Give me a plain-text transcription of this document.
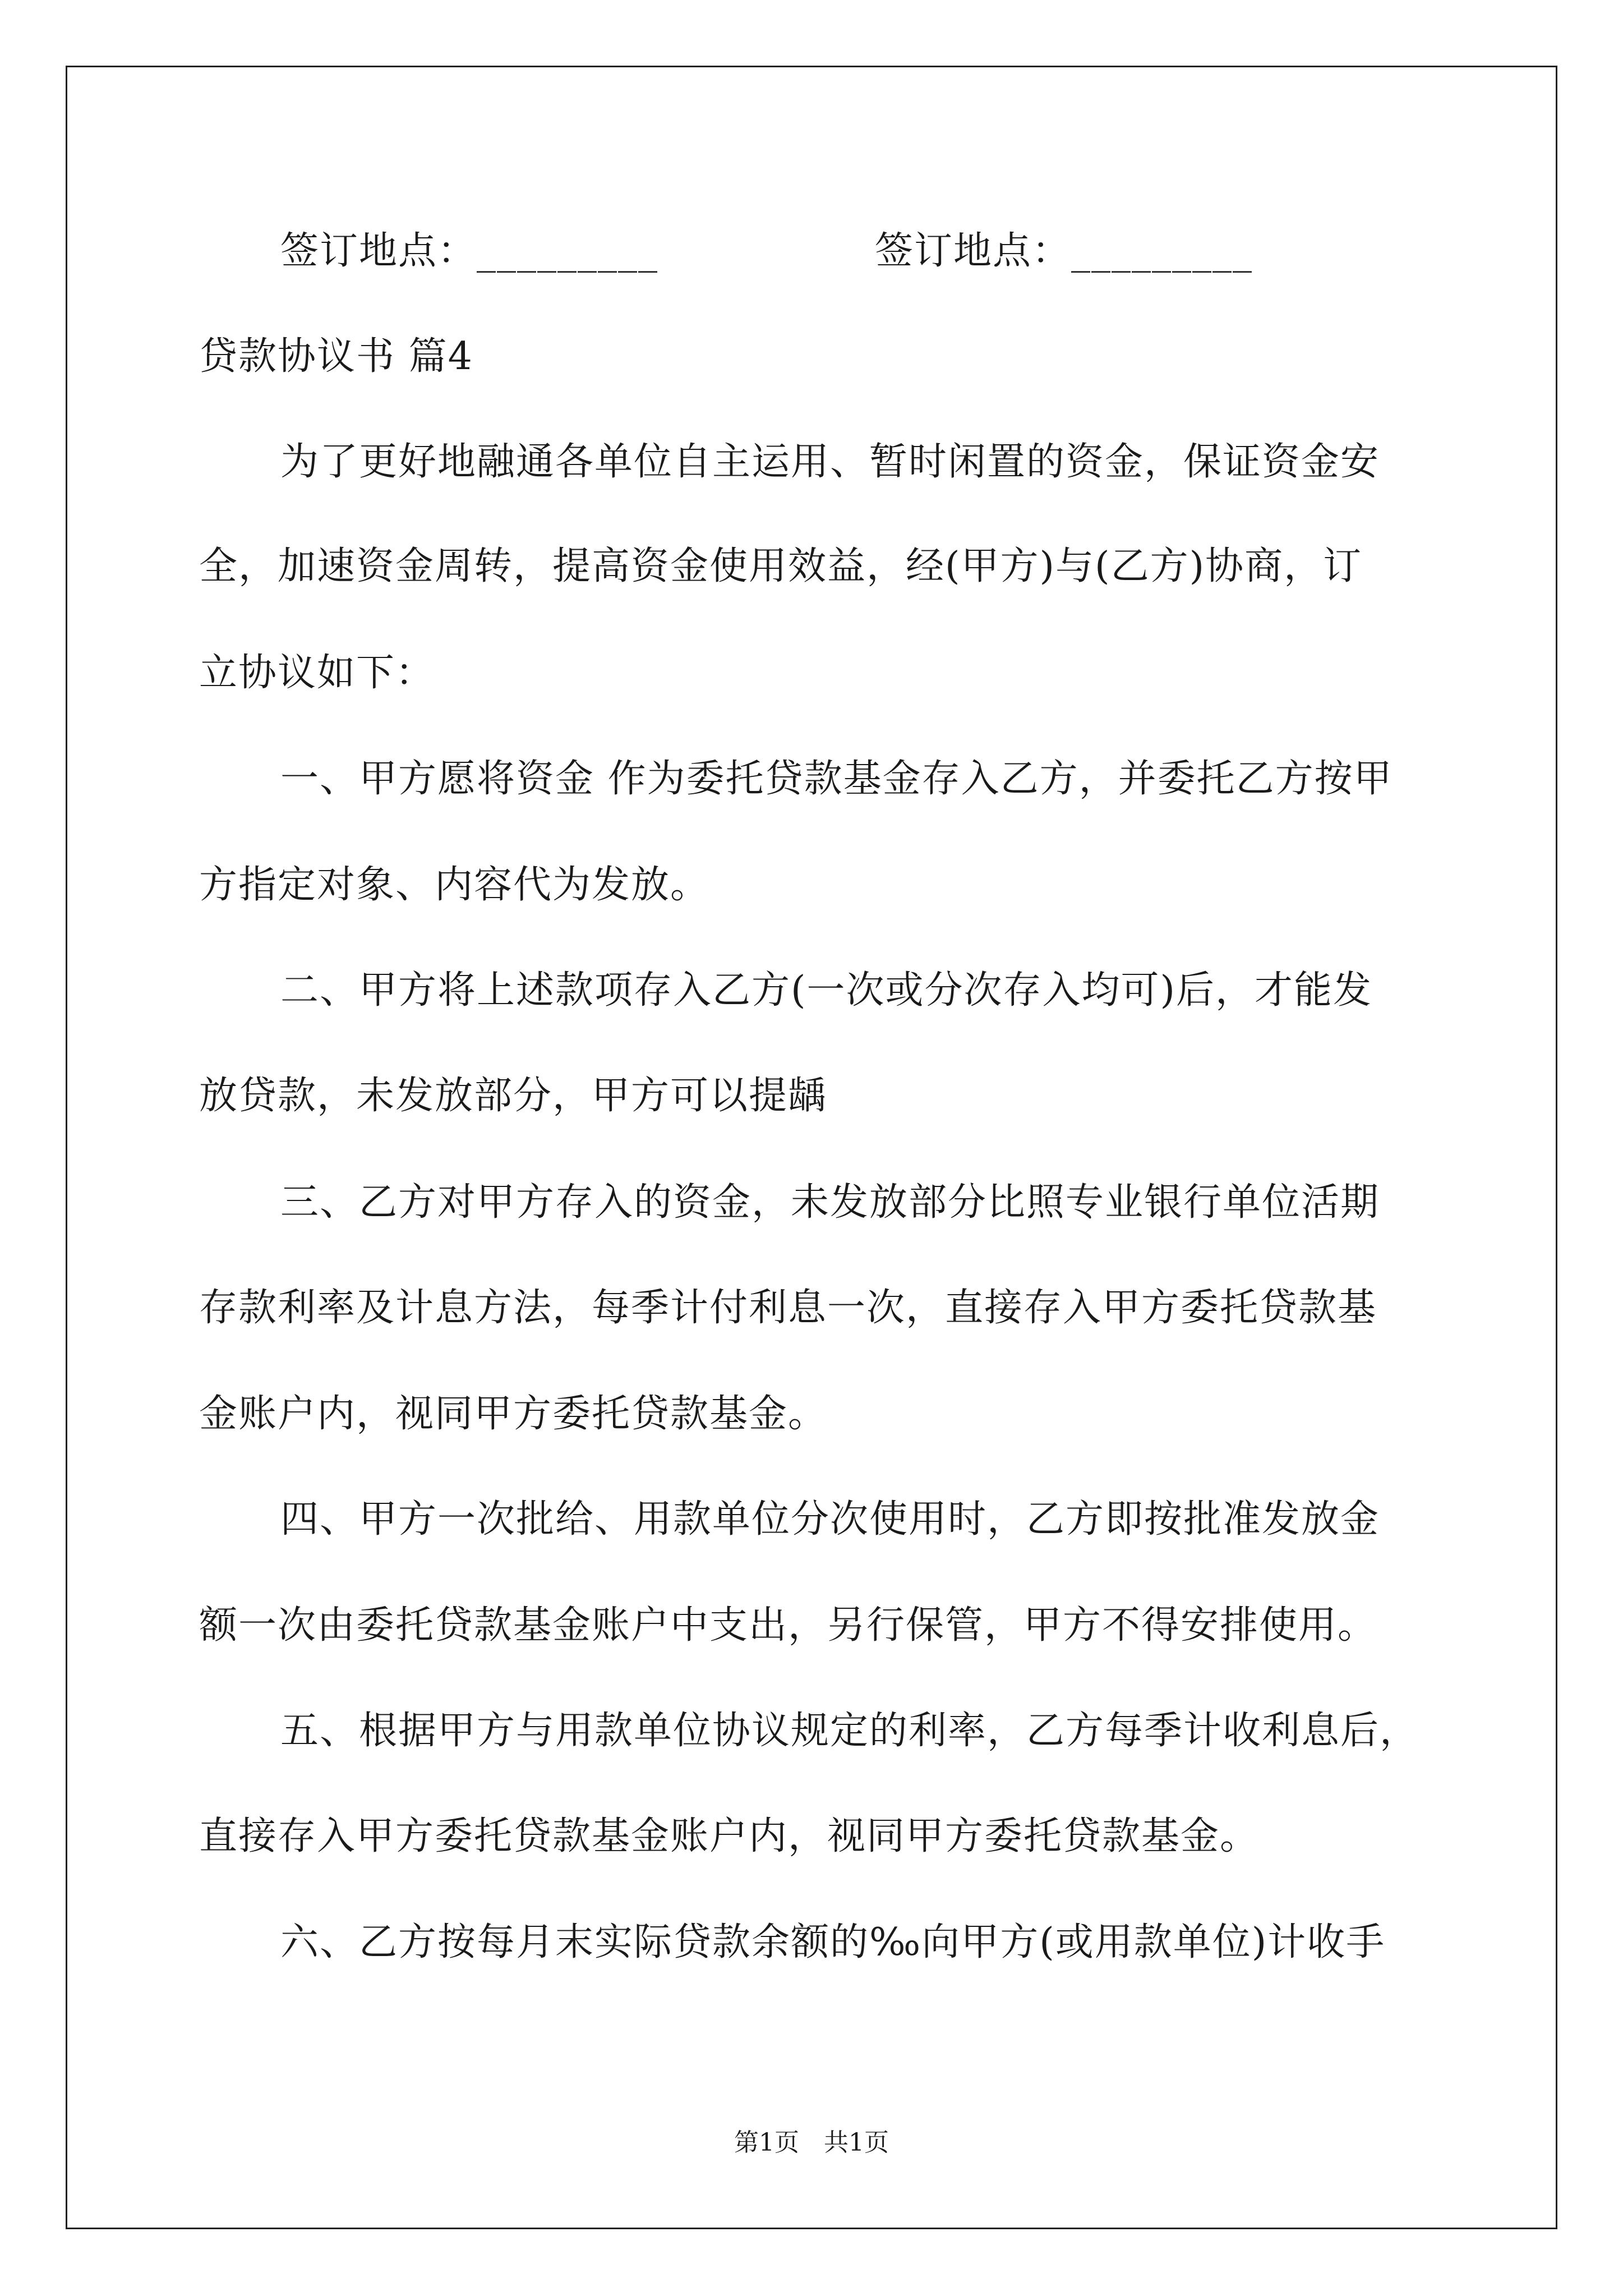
签订地点：_________	签订地点：_________
贷款协议书 篇4
为了更好地融通各单位自主运用、暂时闲置的资金，保证资金安
全，加速资金周转，提高资金使用效益，经(甲方)与(乙方)协商，订
立协议如下：
一、甲方愿将资金 作为委托贷款基金存入乙方，并委托乙方按甲
方指定对象、内容代为发放。
二、甲方将上述款项存入乙方(一次或分次存入均可)后，才能发
放贷款，未发放部分，甲方可以提龋
三、乙方对甲方存入的资金，未发放部分比照专业银行单位活期
存款利率及计息方法，每季计付利息一次，直接存入甲方委托贷款基
金账户内，视同甲方委托贷款基金。
四、甲方一次批给、用款单位分次使用时，乙方即按批准发放金
额一次由委托贷款基金账户中支出，另行保管，甲方不得安排使用。
五、根据甲方与用款单位协议规定的利率，乙方每季计收利息后，
直接存入甲方委托贷款基金账户内，视同甲方委托贷款基金。
六、乙方按每月末实际贷款余额的‰向甲方(或用款单位)计收手
第1页　共1页
